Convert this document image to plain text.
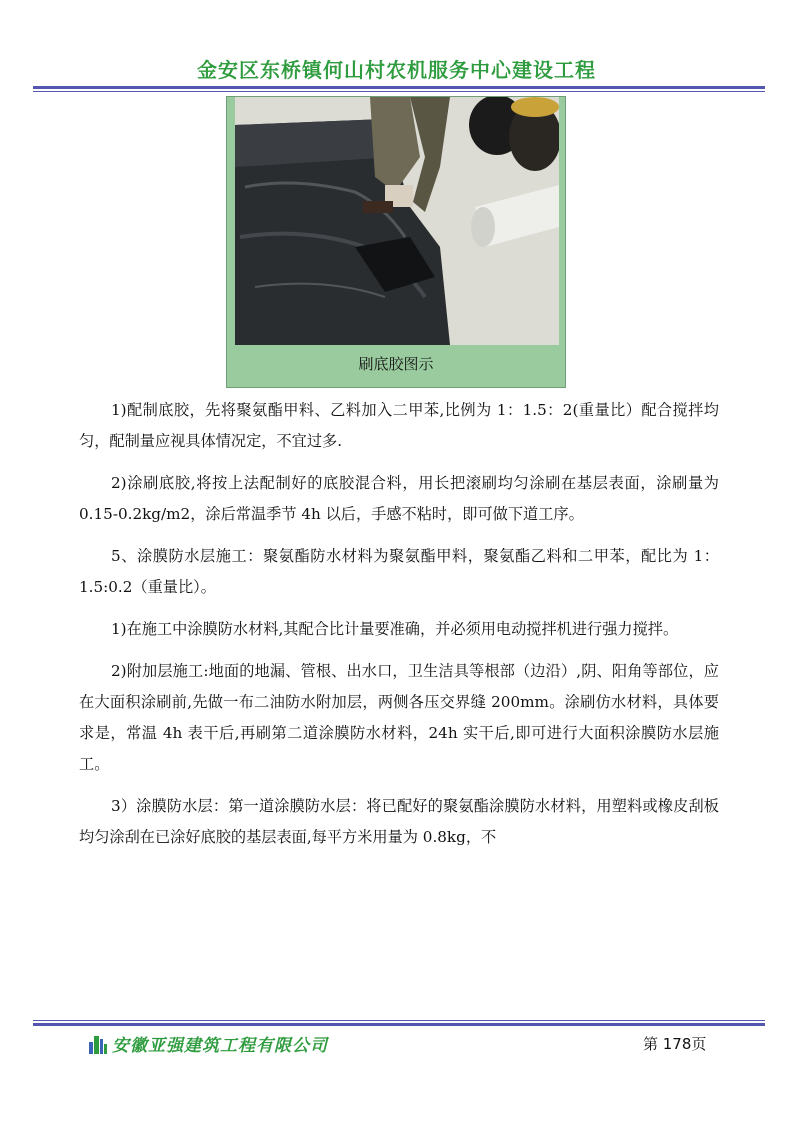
金安区东桥镇何山村农机服务中心建设工程
刷底胶图示

1)配制底胶，先将聚氨酯甲料、乙料加入二甲苯,比例为 1：1.5：2(重量比）配合搅拌均匀，配制量应视具体情况定，不宜过多.

2)涂刷底胶,将按上法配制好的底胶混合料，用长把滚刷均匀涂刷在基层表面，涂刷量为 0.15-0.2kg/m2，涂后常温季节 4h 以后，手感不粘时，即可做下道工序。

5、涂膜防水层施工：聚氨酯防水材料为聚氨酯甲料，聚氨酯乙料和二甲苯，配比为 1：1.5:0.2（重量比）。

1)在施工中涂膜防水材料,其配合比计量要准确，并必须用电动搅拌机进行强力搅拌。

2)附加层施工:地面的地漏、管根、出水口，卫生洁具等根部（边沿）,阴、阳角等部位，应在大面积涂刷前,先做一布二油防水附加层，两侧各压交界缝 200mm。涂刷仿水材料，具体要求是，常温 4h 表干后,再刷第二道涂膜防水材料，24h 实干后,即可进行大面积涂膜防水层施工。

3）涂膜防水层：第一道涂膜防水层：将已配好的聚氨酯涂膜防水材料，用塑料或橡皮刮板均匀涂刮在已涂好底胶的基层表面,每平方米用量为 0.8kg，不

安徽亚强建筑工程有限公司	第 178页
